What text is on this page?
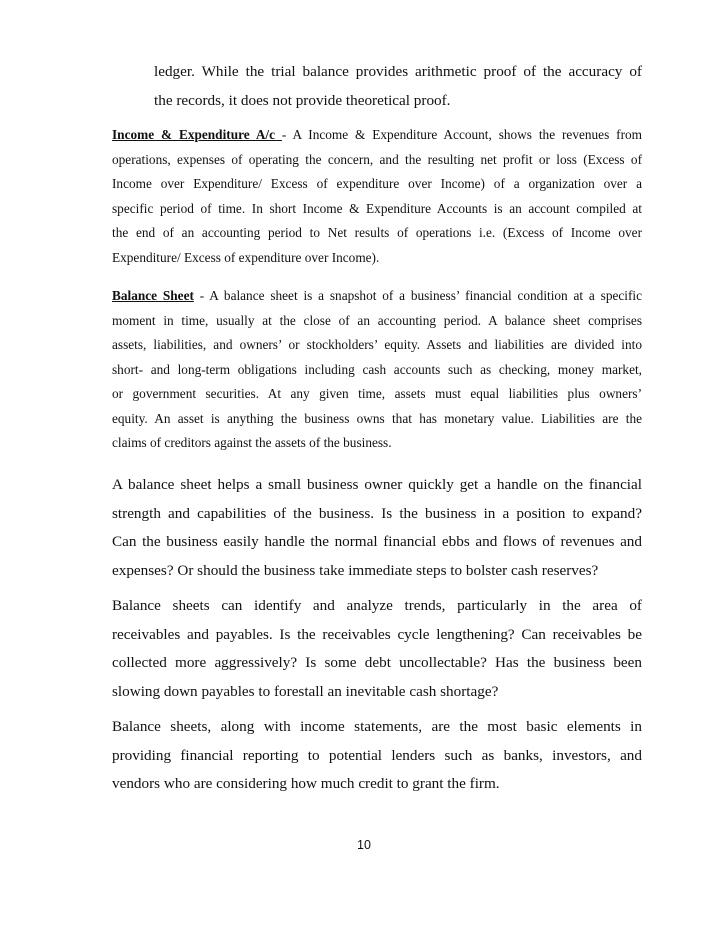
ledger. While the trial balance provides arithmetic proof of the accuracy of
the records, it does not provide theoretical proof.
Income & Expenditure A/c - A Income & Expenditure Account, shows the revenues from
operations, expenses of operating the concern, and the resulting net profit or loss (Excess of
Income over Expenditure/ Excess of expenditure over Income) of a organization over a
specific period of time. In short Income & Expenditure Accounts is an account compiled at
the end of an accounting period to Net results of operations i.e. (Excess of Income over
Expenditure/ Excess of expenditure over Income).
Balance Sheet - A balance sheet is a snapshot of a business’ financial condition at a specific
moment in time, usually at the close of an accounting period. A balance sheet comprises
assets, liabilities, and owners’ or stockholders’ equity. Assets and liabilities are divided into
short- and long-term obligations including cash accounts such as checking, money market,
or government securities. At any given time, assets must equal liabilities plus owners’
equity. An asset is anything the business owns that has monetary value. Liabilities are the
claims of creditors against the assets of the business.
A balance sheet helps a small business owner quickly get a handle on the financial
strength and capabilities of the business. Is the business in a position to expand?
Can the business easily handle the normal financial ebbs and flows of revenues and
expenses? Or should the business take immediate steps to bolster cash reserves?
Balance sheets can identify and analyze trends, particularly in the area of
receivables and payables. Is the receivables cycle lengthening? Can receivables be
collected more aggressively? Is some debt uncollectable? Has the business been
slowing down payables to forestall an inevitable cash shortage?
Balance sheets, along with income statements, are the most basic elements in
providing financial reporting to potential lenders such as banks, investors, and
vendors who are considering how much credit to grant the firm.
10
